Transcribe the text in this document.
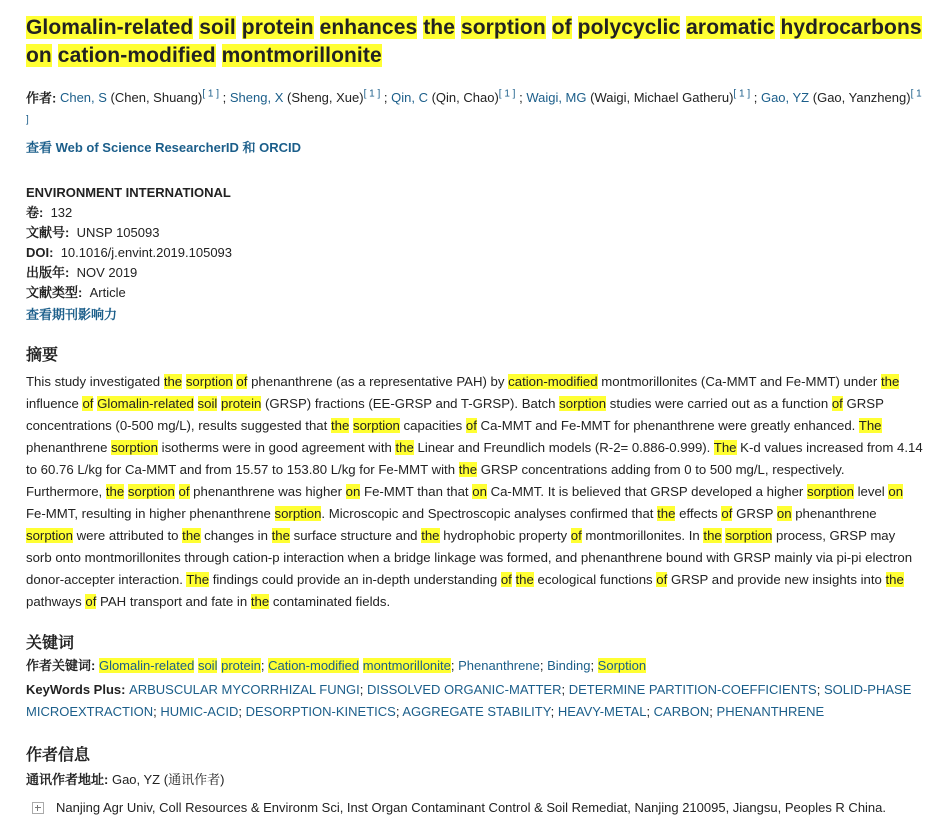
Glomalin-related soil protein enhances the sorption of polycyclic aromatic hydrocarbons on cation-modified montmorillonite
作者: Chen, S (Chen, Shuang)[ 1 ] ; Sheng, X (Sheng, Xue)[ 1 ] ; Qin, C (Qin, Chao)[ 1 ] ; Waigi, MG (Waigi, Michael Gatheru)[ 1 ] ; Gao, YZ (Gao, Yanzheng)[ 1 ]
查看 Web of Science ResearcherID 和 ORCID
ENVIRONMENT INTERNATIONAL
卷: 132
文献号: UNSP 105093
DOI: 10.1016/j.envint.2019.105093
出版年: NOV 2019
文献类型: Article
查看期刊影响力
摘要
This study investigated the sorption of phenanthrene (as a representative PAH) by cation-modified montmorillonites (Ca-MMT and Fe-MMT) under the influence of Glomalin-related soil protein (GRSP) fractions (EE-GRSP and T-GRSP). Batch sorption studies were carried out as a function of GRSP concentrations (0-500 mg/L), results suggested that the sorption capacities of Ca-MMT and Fe-MMT for phenanthrene were greatly enhanced. The phenanthrene sorption isotherms were in good agreement with the Linear and Freundlich models (R-2= 0.886-0.999). The K-d values increased from 4.14 to 60.76 L/kg for Ca-MMT and from 15.57 to 153.80 L/kg for Fe-MMT with the GRSP concentrations adding from 0 to 500 mg/L, respectively. Furthermore, the sorption of phenanthrene was higher on Fe-MMT than that on Ca-MMT. It is believed that GRSP developed a higher sorption level on Fe-MMT, resulting in higher phenanthrene sorption. Microscopic and Spectroscopic analyses confirmed that the effects of GRSP on phenanthrene sorption were attributed to the changes in the surface structure and the hydrophobic property of montmorillonites. In the sorption process, GRSP may sorb onto montmorillonites through cation-p interaction when a bridge linkage was formed, and phenanthrene bound with GRSP mainly via pi-pi electron donor-accepter interaction. The findings could provide an in-depth understanding of the ecological functions of GRSP and provide new insights into the pathways of PAH transport and fate in the contaminated fields.
关键词
作者关键词: Glomalin-related soil protein; Cation-modified montmorillonite; Phenanthrene; Binding; Sorption
KeyWords Plus: ARBUSCULAR MYCORRHIZAL FUNGI; DISSOLVED ORGANIC-MATTER; DETERMINE PARTITION-COEFFICIENTS; SOLID-PHASE MICROEXTRACTION; HUMIC-ACID; DESORPTION-KINETICS; AGGREGATE STABILITY; HEAVY-METAL; CARBON; PHENANTHRENE
作者信息
通讯作者地址: Gao, YZ (通讯作者)
Nanjing Agr Univ, Coll Resources & Environm Sci, Inst Organ Contaminant Control & Soil Remediat, Nanjing 210095, Jiangsu, Peoples R China.
